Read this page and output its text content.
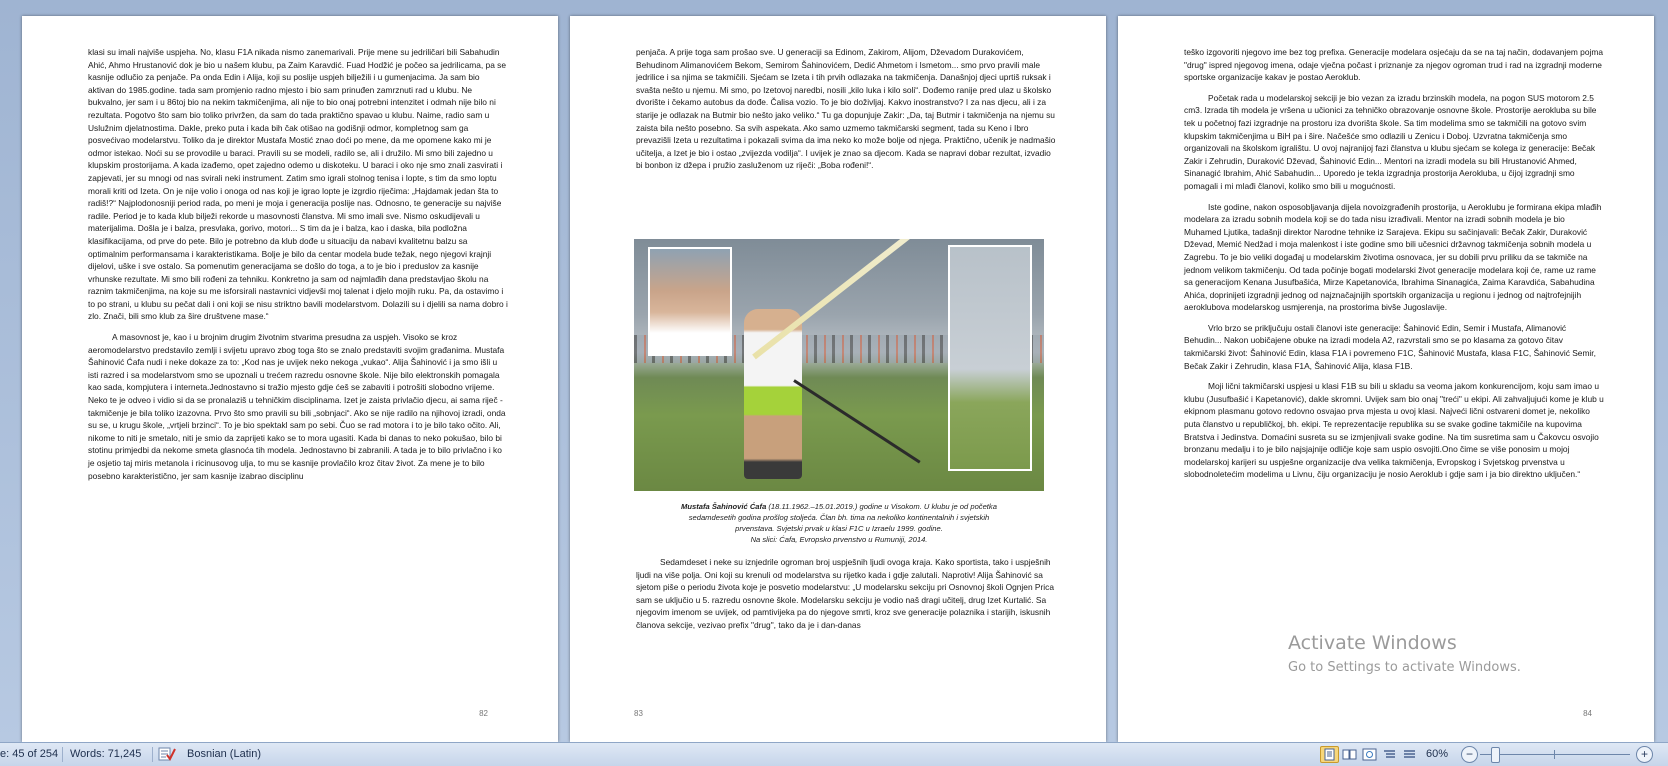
klasi su imali najviše uspjeha. No, klasu F1A nikada nismo zanemarivali. Prije mene su jedriličari bili Sabahudin Ahić, Ahmo Hrustanović dok je bio u našem klubu, pa Zaim Karavdić. Fuad Hodžić je počeo sa jedrilicama, pa se kasnije odlučio za penjače. Pa onda Edin i Alija, koji su poslije uspjeh bilježili i u gumenjacima. Ja sam bio aktivan do 1985.godine. tada sam promjenio radno mjesto i bio sam prinuđen zamrznuti rad u klubu. Ne bukvalno, jer sam i u 86toj bio na nekim takmičenjima, ali nije to bio onaj potrebni intenzitet i odmah nije bilo ni rezultata. Pogotvo što sam bio toliko privržen, da sam do tada praktično spavao u klubu. Naime, radio sam u Uslužnim djelatnostima. Dakle, preko puta i kada bih čak otišao na godišnji odmor, kompletnog sam ga posvećivao modelarstvu. Toliko da je direktor Mustafa Mostić znao doći po mene, da me opomene kako mi je odmor istekao. Noći su se provodile u baraci. Pravili su se modeli, radilo se, ali i družilo. Mi smo bili zajedno u klupskim prostorijama. A kada izađemo, opet zajedno odemo u diskoteku. U baraci i oko nje smo znali zasvirati i zapjevati, jer su mnogi od nas svirali neki instrument. Zatim smo igrali stolnog tenisa i lopte, s tim da smo loptu morali kriti od Izeta. On je nije volio i onoga od nas koji je igrao lopte je izgrdio riječima: „Hajdamak jedan šta to radiš!?“ Najplodonosniji period rada, po meni je moja i generacija poslije nas. Odnosno, te generacije su najviše radile. Period je to kada klub bilježi rekorde u masovnosti članstva. Mi smo imali sve. Nismo oskudijevali u materijalima. Došla je i balza, presvlaka, gorivo, motori... S tim da je i balza, kao i daska, bila podložna klasifikacijama, od prve do pete. Bilo je potrebno da klub dođe u situaciju da nabavi kvalitetnu balzu sa optimalnim performansama i karakteristikama. Bolje je bilo da centar modela bude težak, nego njegovi krajnji dijelovi, uške i sve ostalo. Sa pomenutim generacijama se došlo do toga, a to je bio i preduslov za kasnije vrhunske rezultate. Mi smo bili rođeni za tehniku. Konkretno ja sam od najmlađih dana predstavljao školu na raznim takmičenjima, na koje su me isforsirali nastavnici vidjevši moj talenat i djelo mojih ruku. Pa, da ostavimo i to po strani, u klubu su pečat dali i oni koji se nisu striktno bavili modelarstvom. Dolazili su i djelili sa nama dobro i zlo. Znači, bili smo klub za šire društvene mase.“

A masovnost je, kao i u brojnim drugim životnim stvarima presudna za uspjeh. Visoko se kroz aeromodelarstvo predstavilo zemlji i svijetu upravo zbog toga što se znalo predstaviti svojim građanima. Mustafa Šahinović Ćafa nudi i neke dokaze za to: „Kod nas je uvijek neko nekoga „vukao“. Alija Šahinović i ja smo išli u isti razred i sa modelarstvom smo se upoznali u trećem razredu osnovne škole. Nije bilo elektronskih pomagala kao sada, kompjutera i interneta.Jednostavno si tražio mjesto gdje ćeš se zabaviti i potrošiti slobodno vrijeme. Neko te je odveo i vidio si da se pronalaziš u tehničkim disciplinama. Izet je zaista privlačio djecu, ai sama riječ - takmičenje je bila toliko izazovna. Prvo što smo pravili su bili „sobnjaci“. Ako se nije radilo na njihovoj izradi, onda su se, u krugu škole, „vrtjeli brzinci“. To je bio spektakl sam po sebi. Čuo se rad motora i to je bilo tako očito. Ali, nikome to niti je smetalo, niti je smio da zaprijeti kako se to mora ugasiti. Kada bi danas to neko pokušao, bilo bi stotinu primjedbi da nekome smeta glasnoća tih modela. Jednostavno bi zabranili. A tada je to bilo privlačno i ko je osjetio taj miris metanola i ricinusovog ulja, to mu se kasnije provlačilo kroz čitav život. Za mene je to bilo posebno karakteristično, jer sam kasnije izabrao disciplinu

82

penjača. A prije toga sam prošao sve. U generaciji sa Edinom, Zakirom, Alijom, Dževadom Durakovićem, Behudinom Alimanovićem Bekom, Semirom Šahinovićem, Dedić Ahmetom i Ismetom... smo prvo pravili male jedrilice i sa njima se takmičili. Sjećam se Izeta i tih prvih odlazaka na takmičenja. Današnjoj djeci uprtiš ruksak i svašta nešto u njemu. Mi smo, po Izetovoj naredbi, nosili „kilo luka i kilo soli“. Dođemo ranije pred ulaz u školsko dvorište i čekamo autobus da dođe. Čalisa vozio. To je bio doživljaj. Kakvo inostranstvo? I za nas djecu, ali i za starije je odlazak na Butmir bio nešto jako veliko.“ Tu ga dopunjuje Zakir: „Da, taj Butmir i takmičenja na njemu su zaista bila nešto posebno. Sa svih aspekata. Ako samo uzmemo takmičarski segment, tada su Keno i Ibro prevazišli Izeta u rezultatima i pokazali svima da ima neko ko može bolje od njega. Praktično, učenik je nadmašio učitelja, a Izet je bio i ostao „zvijezda vodilja“. I uvijek je znao sa djecom. Kada se napravi dobar rezultat, izvadio bi bonbon iz džepa i pružio zasluženom uz riječi: „Boba rođeni!“.

Mustafa Šahinović Ćafa (18.11.1962.–15.01.2019.) godine u Visokom. U klubu je od početka
sedamdesetih godina prošlog stoljeća. Član bh. tima na nekoliko kontinentalnih i svjetskih
prvenstava. Svjetski prvak u klasi F1C u Izraelu 1999. godine.
Na slici: Ćafa, Evropsko prvenstvo u Rumuniji, 2014.

Sedamdeset i neke su iznjedrile ogroman broj uspješnih ljudi ovoga kraja. Kako sportista, tako i uspješnih ljudi na više polja. Oni koji su krenuli od modelarstva su rijetko kada i gdje zalutali. Naprotiv! Alija Šahinović sa sjetom piše o periodu života koje je posvetio modelarstvu: „U modelarsku sekciju pri Osnovnoj školi Ognjen Prica sam se uključio u 5. razredu osnovne škole. Modelarsku sekciju je vodio naš dragi učitelj, drug Izet Kurtalić. Sa njegovim imenom se uvijek, od pamtivijeka pa do njegove smrti, kroz sve generacije polaznika i starijih, iskusnih članova sekcije, vezivao prefix "drug", tako da je i dan-danas

83

teško izgovoriti njegovo ime bez tog prefixa. Generacije modelara osjećaju da se na taj način, dodavanjem pojma "drug" ispred njegovog imena, odaje vječna počast i priznanje za njegov ogroman trud i rad na izgradnji moderne sportske organizacije kakav je postao Aeroklub.

Početak rada u modelarskoj sekciji je bio vezan za izradu brzinskih modela, na pogon SUS motorom 2.5 cm3. Izrada tih modela je vršena u učionici za tehničko obrazovanje osnovne škole. Prostorije aerokluba su bile tek u početnoj fazi izgradnje na prostoru iza dvorišta škole. Sa tim modelima smo se takmičili na gotovo svim klupskim takmičenjima u BiH pa i šire. Načešće smo odlazili u Zenicu i Doboj. Uzvratna takmičenja smo organizovali na školskom igralištu. U ovoj najranijoj fazi članstva u klubu sjećam se kolega iz generacije: Bečak Zakir i Zehrudin, Duraković Dževad, Šahinović Edin... Mentori na izradi modela su bili Hrustanović Ahmed, Sinanagić Ibrahim, Ahić Sabahudin... Uporedo je tekla izgradnja prostorija Aerokluba, u čijoj izgradnji smo pomagali i mi mlađi članovi, koliko smo bili u mogućnosti.

Iste godine, nakon osposobljavanja dijela novoizgrađenih prostorija, u Aeroklubu je formirana ekipa mlađih modelara za izradu sobnih modela koji se do tada nisu izrađivali. Mentor na izradi sobnih modela je bio Muhamed Ljutika, tadašnji direktor Narodne tehnike iz Sarajeva. Ekipu su sačinjavali: Bečak Zakir, Duraković Dževad, Memić Nedžad i moja malenkost i iste godine smo bili učesnici državnog takmičenja sobnih modela u Zagrebu. To je bio veliki događaj u modelarskim životima osnovaca, jer su dobili prvu priliku da se takmiče na jednom velikom takmičenju. Od tada počinje bogati modelarski život generacije modelara koji će, rame uz rame sa generacijom Kenana Jusufbašića, Mirze Kapetanovića, Ibrahima Sinanagića, Zaima Karavdića, Sabahudina Ahića, doprinijeti izgradnji jednog od najznačajnijih sportskih organizacija u regionu i jednog od najtrofejnijih aeroklubova modelarskog usmjerenja, na prostorima bivše Jugoslavije.

Vrlo brzo se priključuju ostali članovi iste generacije: Šahinović Edin, Semir i Mustafa, Alimanović Behudin... Nakon uobičajene obuke na izradi modela A2, razvrstali smo se po klasama za gotovo čitav takmičarski život: Šahinović Edin, klasa F1A i povremeno F1C, Šahinović Mustafa, klasa F1C, Šahinović Semir, Bečak Zakir i Zehrudin, klasa F1A, Šahinović Alija, klasa F1B.

Moji lični takmičarski uspjesi u klasi F1B su bili u skladu sa veoma jakom konkurencijom, koju sam imao u klubu (Jusufbašić i Kapetanović), dakle skromni. Uvijek sam bio onaj "treći" u ekipi. Ali zahvaljujući kome je klub u ekipnom plasmanu gotovo redovno osvajao prva mjesta u ovoj klasi. Najveći lični ostvareni domet je, nekoliko puta članstvo u republičkoj, bh. ekipi. Te reprezentacije republika su se svake godine takmičile na kupovima Bratstva i Jedinstva. Domaćini susreta su se izmjenjivali svake godine. Na tim susretima sam u Čakovcu osvojio bronzanu medalju i to je bilo najsjajnije odličje koje sam uspio osvojiti.Ono čime se više ponosim u mojoj modelarskoj karijeri su uspješne organizacije dva velika takmičenja, Evropskog i Svjetskog prvenstva u slobodnoletećim modelima u Livnu, čiju organizaciju je nosio Aeroklub i gdje sam i ja bio direktno uključen.“

84
Activate Windows
Go to Settings to activate Windows.
e: 45 of 254 Words: 71,245	Bosnian (Latin)	60%	−	+
